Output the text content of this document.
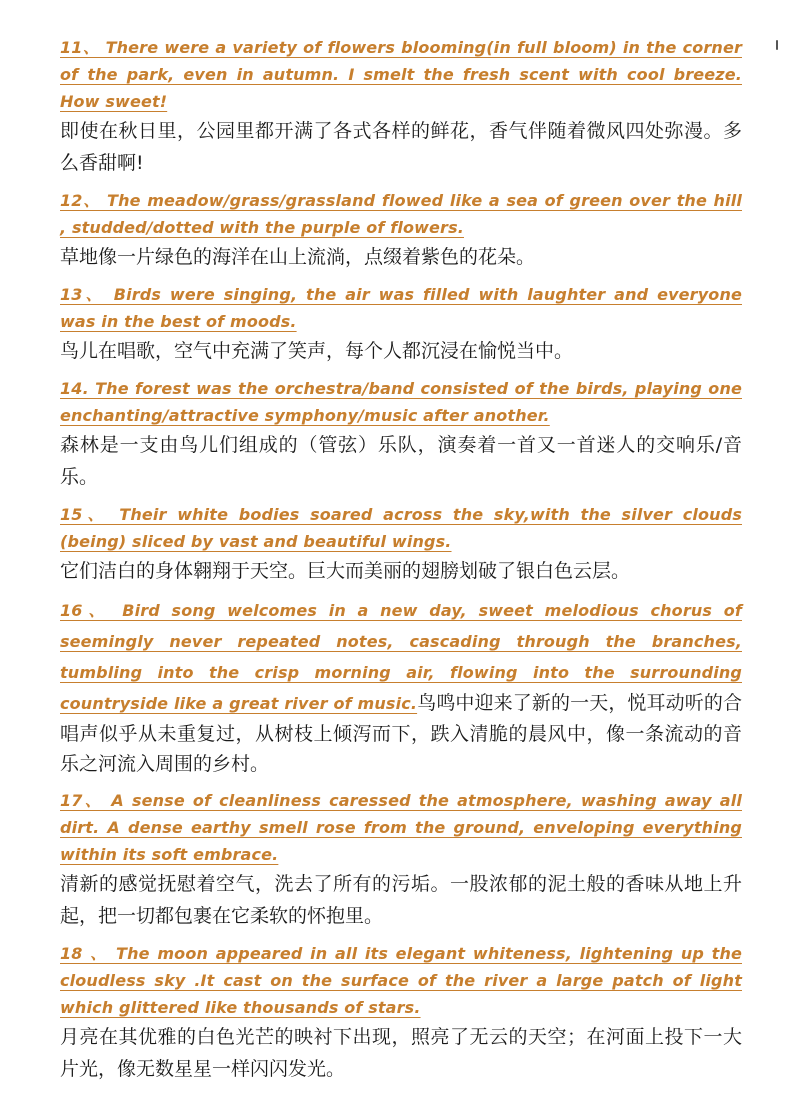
11、 There were a variety of flowers blooming(in full bloom) in the corner of the park, even in autumn. I smelt the fresh scent with cool breeze. How sweet!

即使在秋日里，公园里都开满了各式各样的鲜花，香气伴随着微风四处弥漫。多么香甜啊!

12、 The meadow/grass/grassland flowed like a sea of green over the hill , studded/dotted with the purple of flowers.

草地像一片绿色的海洋在山上流淌，点缀着紫色的花朵。

13、 Birds were singing, the air was filled with laughter and everyone was in the best of moods.

鸟儿在唱歌，空气中充满了笑声，每个人都沉浸在愉悦当中。

14. The forest was the orchestra/band consisted of the birds, playing one enchanting/attractive symphony/music after another.

森林是一支由鸟儿们组成的（管弦）乐队，演奏着一首又一首迷人的交响乐/音乐。

15、 Their white bodies soared across the sky,with the silver clouds (being) sliced by vast and beautiful wings.

它们洁白的身体翱翔于天空。巨大而美丽的翅膀划破了银白色云层。

16、 Bird song welcomes in a new day, sweet melodious chorus of seemingly never repeated notes, cascading through the branches, tumbling into the crisp morning air, flowing into the surrounding countryside like a great river of music.鸟鸣中迎来了新的一天，悦耳动听的合唱声似乎从未重复过，从树枝上倾泻而下，跌入清脆的晨风中，像一条流动的音乐之河流入周围的乡村。

17、 A sense of cleanliness caressed the atmosphere, washing away all dirt. A dense earthy smell rose from the ground, enveloping everything within its soft embrace.

清新的感觉抚慰着空气，洗去了所有的污垢。一股浓郁的泥土般的香味从地上升起，把一切都包裹在它柔软的怀抱里。

18 、 The moon appeared in all its elegant whiteness, lightening up the cloudless sky .It cast on the surface of the river a large patch of light which glittered like thousands of stars.

月亮在其优雅的白色光芒的映衬下出现，照亮了无云的天空；在河面上投下一大片光，像无数星星一样闪闪发光。
